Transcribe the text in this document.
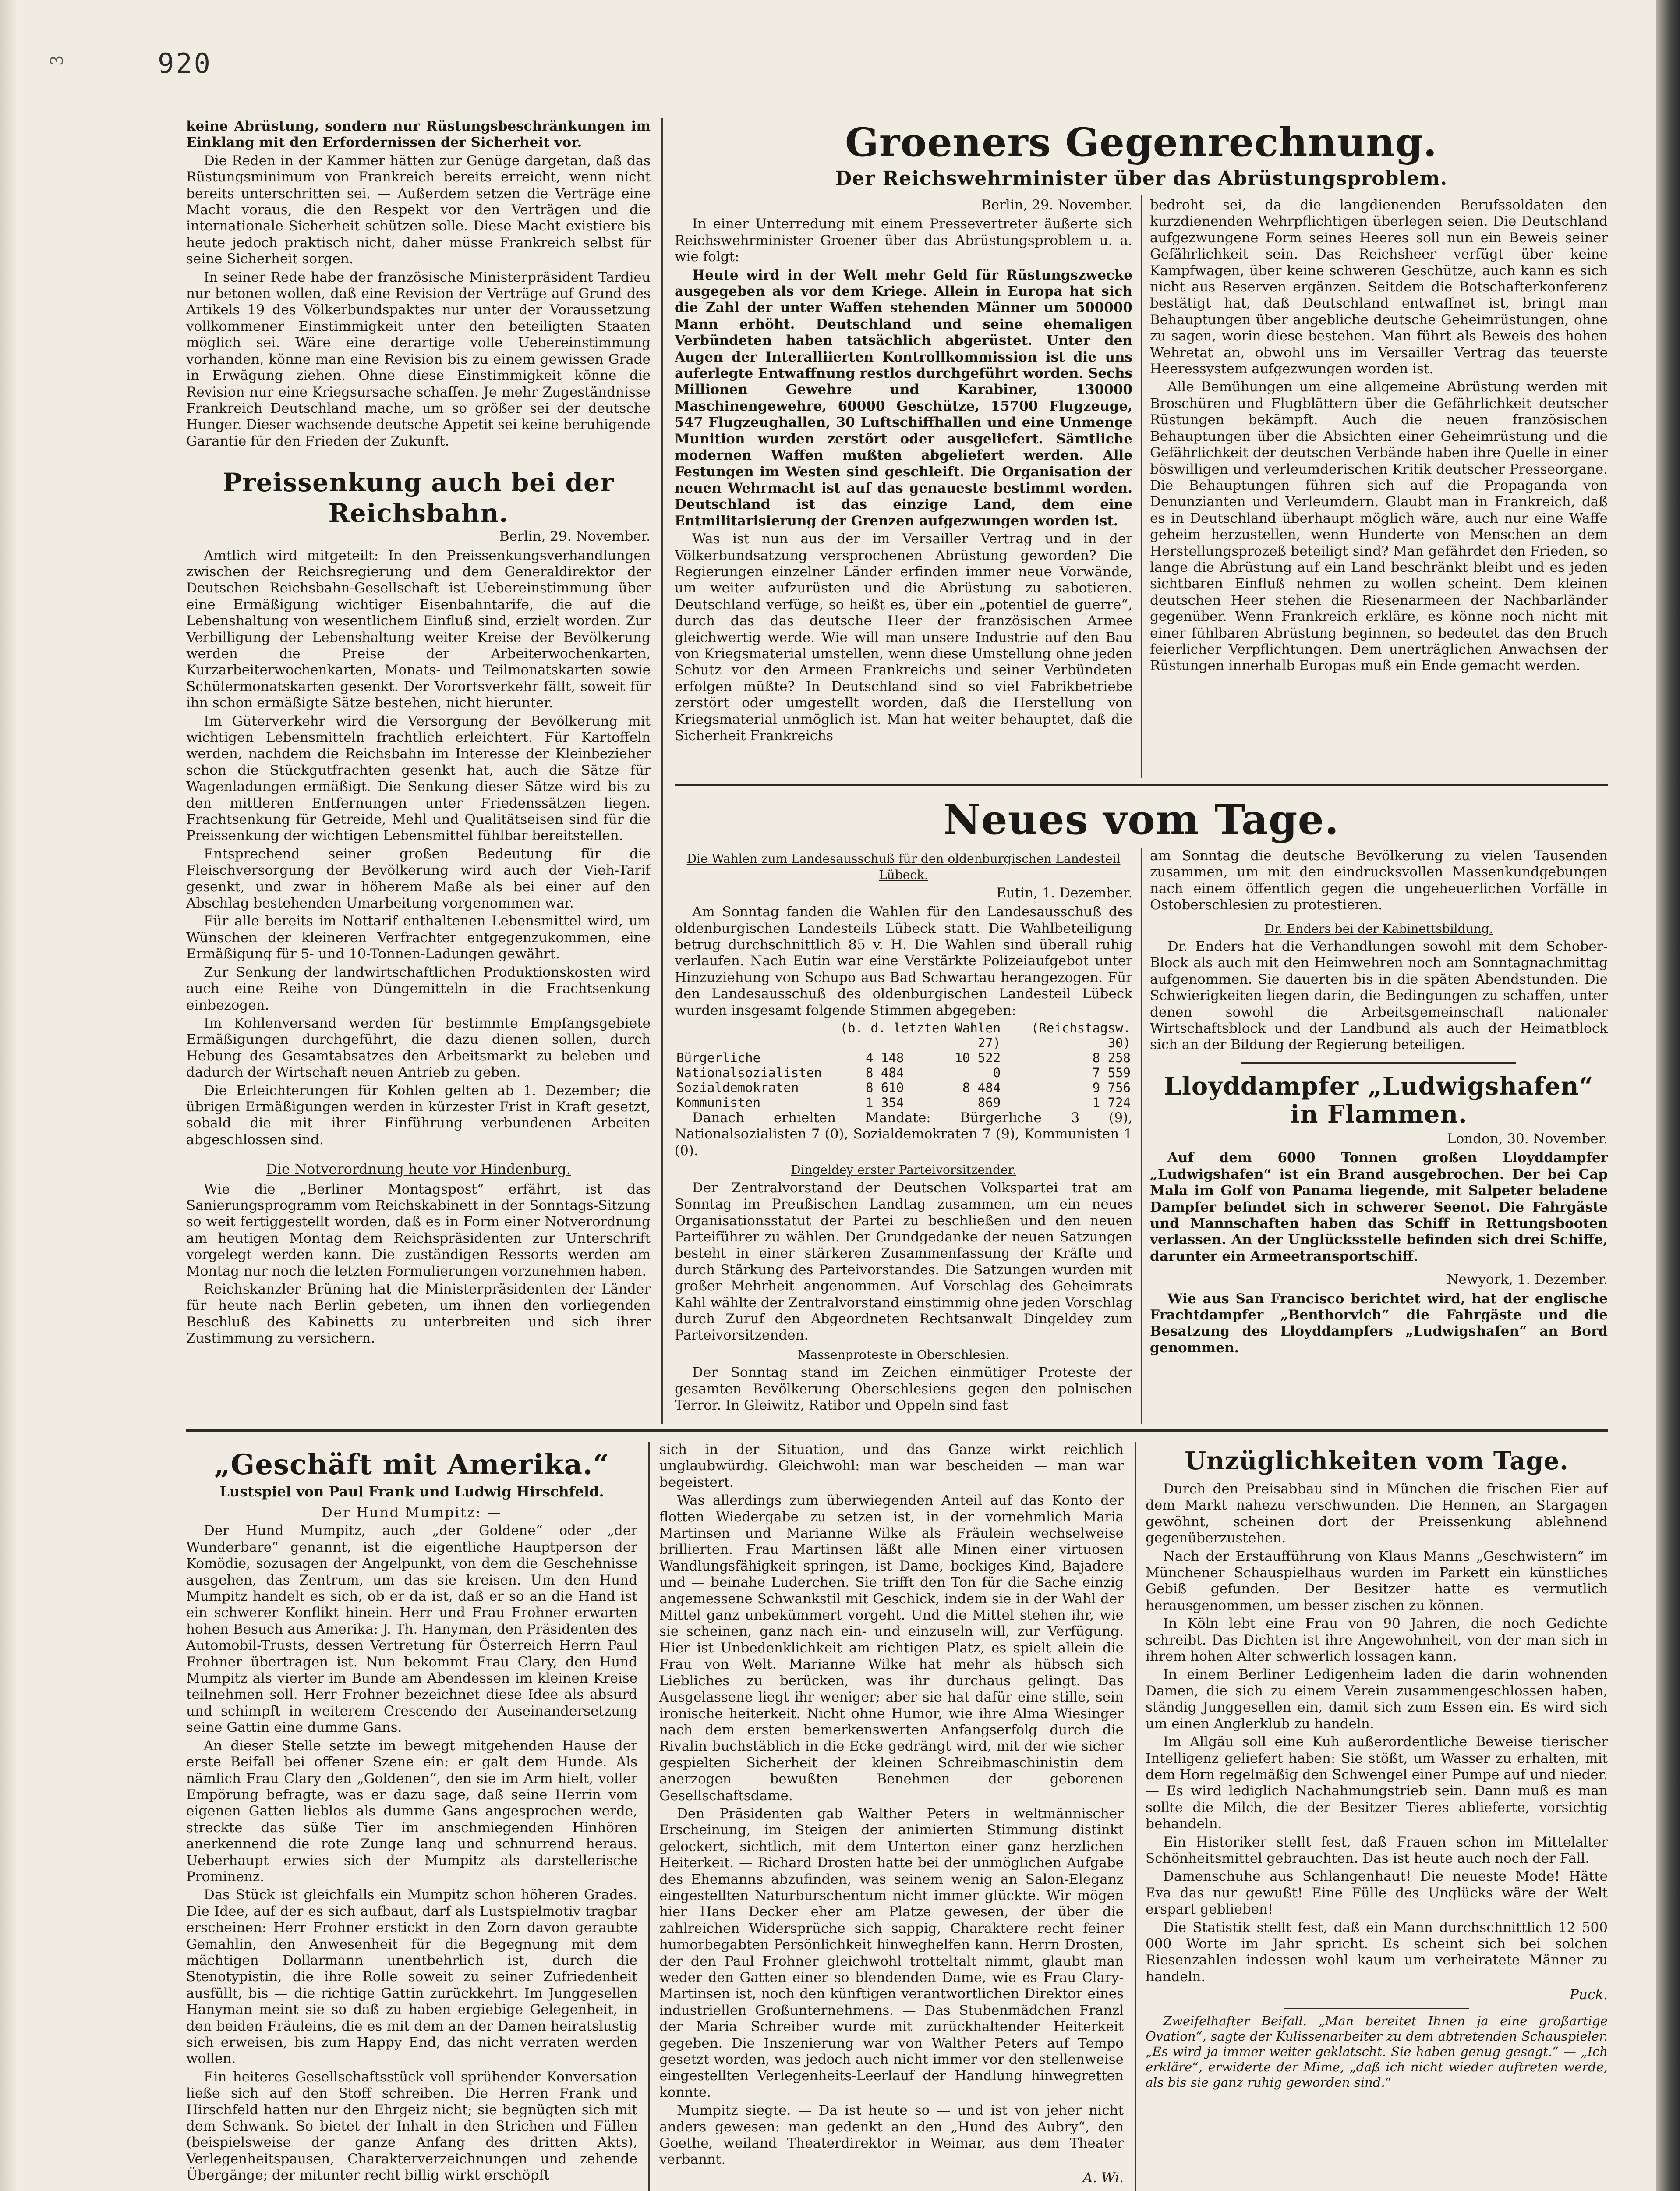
920
3

keine Abrüstung, sondern nur Rüstungsbeschränkungen im Einklang mit den Erfordernissen der Sicherheit vor.

Die Reden in der Kammer hätten zur Genüge dargetan, daß das Rüstungsminimum von Frankreich bereits erreicht, wenn nicht bereits unterschritten sei. — Außerdem setzen die Verträge eine Macht voraus, die den Respekt vor den Verträgen und die internationale Sicherheit schützen solle. Diese Macht existiere bis heute jedoch praktisch nicht, daher müsse Frankreich selbst für seine Sicherheit sorgen.

In seiner Rede habe der französische Ministerpräsident Tardieu nur betonen wollen, daß eine Revision der Verträge auf Grund des Artikels 19 des Völkerbundspaktes nur unter der Voraussetzung vollkommener Einstimmigkeit unter den beteiligten Staaten möglich sei. Wäre eine derartige volle Uebereinstimmung vorhanden, könne man eine Revision bis zu einem gewissen Grade in Erwägung ziehen. Ohne diese Einstimmigkeit könne die Revision nur eine Kriegsursache schaffen. Je mehr Zugeständnisse Frankreich Deutschland mache, um so größer sei der deutsche Hunger. Dieser wachsende deutsche Appetit sei keine beruhigende Garantie für den Frieden der Zukunft.

Preissenkung auch bei der Reichsbahn.
Berlin, 29. November.

Amtlich wird mitgeteilt: In den Preissenkungsverhandlungen zwischen der Reichsregierung und dem Generaldirektor der Deutschen Reichsbahn-Gesellschaft ist Uebereinstimmung über eine Ermäßigung wichtiger Eisenbahntarife, die auf die Lebenshaltung von wesentlichem Einfluß sind, erzielt worden. Zur Verbilligung der Lebenshaltung weiter Kreise der Bevölkerung werden die Preise der Arbeiterwochenkarten, Kurzarbeiterwochenkarten, Monats- und Teilmonatskarten sowie Schülermonatskarten gesenkt. Der Vorortsverkehr fällt, soweit für ihn schon ermäßigte Sätze bestehen, nicht hierunter.

Im Güterverkehr wird die Versorgung der Bevölkerung mit wichtigen Lebensmitteln frachtlich erleichtert. Für Kartoffeln werden, nachdem die Reichsbahn im Interesse der Kleinbezieher schon die Stückgutfrachten gesenkt hat, auch die Sätze für Wagenladungen ermäßigt. Die Senkung dieser Sätze wird bis zu den mittleren Entfernungen unter Friedenssätzen liegen. Frachtsenkung für Getreide, Mehl und Qualitätseisen sind für die Preissenkung der wichtigen Lebensmittel fühlbar bereitstellen.

Entsprechend seiner großen Bedeutung für die Fleischversorgung der Bevölkerung wird auch der Vieh-Tarif gesenkt, und zwar in höherem Maße als bei einer auf den Abschlag bestehenden Umarbeitung vorgenommen war.

Für alle bereits im Nottarif enthaltenen Lebensmittel wird, um Wünschen der kleineren Verfrachter entgegenzukommen, eine Ermäßigung für 5- und 10-Tonnen-Ladungen gewährt.

Zur Senkung der landwirtschaftlichen Produktionskosten wird auch eine Reihe von Düngemitteln in die Frachtsenkung einbezogen.

Im Kohlenversand werden für bestimmte Empfangsgebiete Ermäßigungen durchgeführt, die dazu dienen sollen, durch Hebung des Gesamtabsatzes den Arbeitsmarkt zu beleben und dadurch der Wirtschaft neuen Antrieb zu geben.

Die Erleichterungen für Kohlen gelten ab 1. Dezember; die übrigen Ermäßigungen werden in kürzester Frist in Kraft gesetzt, sobald die mit ihrer Einführung verbundenen Arbeiten abgeschlossen sind.

Die Notverordnung heute vor Hindenburg.

Wie die „Berliner Montagspost“ erfährt, ist das Sanierungsprogramm vom Reichskabinett in der Sonntags-Sitzung so weit fertiggestellt worden, daß es in Form einer Notverordnung am heutigen Montag dem Reichspräsidenten zur Unterschrift vorgelegt werden kann. Die zuständigen Ressorts werden am Montag nur noch die letzten Formulierungen vorzunehmen haben.

Reichskanzler Brüning hat die Ministerpräsidenten der Länder für heute nach Berlin gebeten, um ihnen den vorliegenden Beschluß des Kabinetts zu unterbreiten und sich ihrer Zustimmung zu versichern.

Groeners Gegenrechnung.
Der Reichswehrminister über das Abrüstungsproblem.
Berlin, 29. November.

In einer Unterredung mit einem Pressevertreter äußerte sich Reichswehrminister Groener über das Abrüstungsproblem u. a. wie folgt:

Heute wird in der Welt mehr Geld für Rüstungszwecke ausgegeben als vor dem Kriege. Allein in Europa hat sich die Zahl der unter Waffen stehenden Männer um 500000 Mann erhöht. Deutschland und seine ehemaligen Verbündeten haben tatsächlich abgerüstet. Unter den Augen der Interalliierten Kontrollkommission ist die uns auferlegte Entwaffnung restlos durchgeführt worden. Sechs Millionen Gewehre und Karabiner, 130000 Maschinengewehre, 60000 Geschütze, 15700 Flugzeuge, 547 Flugzeughallen, 30 Luftschiffhallen und eine Unmenge Munition wurden zerstört oder ausgeliefert. Sämtliche modernen Waffen mußten abgeliefert werden. Alle Festungen im Westen sind geschleift. Die Organisation der neuen Wehrmacht ist auf das genaueste bestimmt worden. Deutschland ist das einzige Land, dem eine Entmilitarisierung der Grenzen aufgezwungen worden ist.

Was ist nun aus der im Versailler Vertrag und in der Völkerbundsatzung versprochenen Abrüstung geworden? Die Regierungen einzelner Länder erfinden immer neue Vorwände, um weiter aufzurüsten und die Abrüstung zu sabotieren. Deutschland verfüge, so heißt es, über ein „potentiel de guerre“, durch das das deutsche Heer der französischen Armee gleichwertig werde. Wie will man unsere Industrie auf den Bau von Kriegsmaterial umstellen, wenn diese Umstellung ohne jeden Schutz vor den Armeen Frankreichs und seiner Verbündeten erfolgen müßte? In Deutschland sind so viel Fabrikbetriebe zerstört oder umgestellt worden, daß die Herstellung von Kriegsmaterial unmöglich ist. Man hat weiter behauptet, daß die Sicherheit Frankreichs

bedroht sei, da die langdienenden Berufssoldaten den kurzdienenden Wehrpflichtigen überlegen seien. Die Deutschland aufgezwungene Form seines Heeres soll nun ein Beweis seiner Gefährlichkeit sein. Das Reichsheer verfügt über keine Kampfwagen, über keine schweren Geschütze, auch kann es sich nicht aus Reserven ergänzen. Seitdem die Botschafterkonferenz bestätigt hat, daß Deutschland entwaffnet ist, bringt man Behauptungen über angebliche deutsche Geheimrüstungen, ohne zu sagen, worin diese bestehen. Man führt als Beweis des hohen Wehretat an, obwohl uns im Versailler Vertrag das teuerste Heeressystem aufgezwungen worden ist.

Alle Bemühungen um eine allgemeine Abrüstung werden mit Broschüren und Flugblättern über die Gefährlichkeit deutscher Rüstungen bekämpft. Auch die neuen französischen Behauptungen über die Absichten einer Geheimrüstung und die Gefährlichkeit der deutschen Verbände haben ihre Quelle in einer böswilligen und verleumderischen Kritik deutscher Presseorgane. Die Behauptungen führen sich auf die Propaganda von Denunzianten und Verleumdern. Glaubt man in Frankreich, daß es in Deutschland überhaupt möglich wäre, auch nur eine Waffe geheim herzustellen, wenn Hunderte von Menschen an dem Herstellungsprozeß beteiligt sind? Man gefährdet den Frieden, so lange die Abrüstung auf ein Land beschränkt bleibt und es jeden sichtbaren Einfluß nehmen zu wollen scheint. Dem kleinen deutschen Heer stehen die Riesenarmeen der Nachbarländer gegenüber. Wenn Frankreich erkläre, es könne noch nicht mit einer fühlbaren Abrüstung beginnen, so bedeutet das den Bruch feierlicher Verpflichtungen. Dem unerträglichen Anwachsen der Rüstungen innerhalb Europas muß ein Ende gemacht werden.

Neues vom Tage.
Die Wahlen zum Landesausschuß für den oldenburgischen Landesteil Lübeck.
Eutin, 1. Dezember.

Am Sonntag fanden die Wahlen für den Landesausschuß des oldenburgischen Landesteils Lübeck statt. Die Wahlbeteiligung betrug durchschnittlich 85 v. H. Die Wahlen sind überall ruhig verlaufen. Nach Eutin war eine Verstärkte Polizeiaufgebot unter Hinzuziehung von Schupo aus Bad Schwartau herangezogen. Für den Landesausschuß des oldenburgischen Landesteil Lübeck wurden insgesamt folgende Stimmen abgegeben:

	(b. d. letzten Wahlen 27)		(Reichstagsw. 30)
Bürgerliche	4 148	10 522	8 258
Nationalsozialisten	8 484	0	7 559
Sozialdemokraten	8 610	8 484	9 756
Kommunisten	1 354	869	1 724

Danach erhielten Mandate: Bürgerliche 3 (9), Nationalsozialisten 7 (0), Sozialdemokraten 7 (9), Kommunisten 1 (0).

Dingeldey erster Parteivorsitzender.

Der Zentralvorstand der Deutschen Volkspartei trat am Sonntag im Preußischen Landtag zusammen, um ein neues Organisationsstatut der Partei zu beschließen und den neuen Parteiführer zu wählen. Der Grundgedanke der neuen Satzungen besteht in einer stärkeren Zusammenfassung der Kräfte und durch Stärkung des Parteivorstandes. Die Satzungen wurden mit großer Mehrheit angenommen. Auf Vorschlag des Geheimrats Kahl wählte der Zentralvorstand einstimmig ohne jeden Vorschlag durch Zuruf den Abgeordneten Rechtsanwalt Dingeldey zum Parteivorsitzenden.

Massenproteste in Oberschlesien.

Der Sonntag stand im Zeichen einmütiger Proteste der gesamten Bevölkerung Oberschlesiens gegen den polnischen Terror. In Gleiwitz, Ratibor und Oppeln sind fast

am Sonntag die deutsche Bevölkerung zu vielen Tausenden zusammen, um mit den eindrucksvollen Massenkundgebungen nach einem öffentlich gegen die ungeheuerlichen Vorfälle in Ostoberschlesien zu protestieren.

Dr. Enders bei der Kabinettsbildung.

Dr. Enders hat die Verhandlungen sowohl mit dem Schober-Block als auch mit den Heimwehren noch am Sonntagnachmittag aufgenommen. Sie dauerten bis in die späten Abendstunden. Die Schwierigkeiten liegen darin, die Bedingungen zu schaffen, unter denen sowohl die Arbeitsgemeinschaft nationaler Wirtschaftsblock und der Landbund als auch der Heimatblock sich an der Bildung der Regierung beteiligen.

Lloyddampfer „Ludwigshafen“ in Flammen.
London, 30. November.

Auf dem 6000 Tonnen großen Lloyddampfer „Ludwigshafen“ ist ein Brand ausgebrochen. Der bei Cap Mala im Golf von Panama liegende, mit Salpeter beladene Dampfer befindet sich in schwerer Seenot. Die Fahrgäste und Mannschaften haben das Schiff in Rettungsbooten verlassen. An der Unglücksstelle befinden sich drei Schiffe, darunter ein Armeetransportschiff.

Newyork, 1. Dezember.

Wie aus San Francisco berichtet wird, hat der englische Frachtdampfer „Benthorvich“ die Fahrgäste und die Besatzung des Lloyddampfers „Ludwigshafen“ an Bord genommen.

„Geschäft mit Amerika.“
Lustspiel von Paul Frank und Ludwig Hirschfeld.
Der Hund Mumpitz: —

Der Hund Mumpitz, auch „der Goldene“ oder „der Wunderbare“ genannt, ist die eigentliche Hauptperson der Komödie, sozusagen der Angelpunkt, von dem die Geschehnisse ausgehen, das Zentrum, um das sie kreisen. Um den Hund Mumpitz handelt es sich, ob er da ist, daß er so an die Hand ist ein schwerer Konflikt hinein. Herr und Frau Frohner erwarten hohen Besuch aus Amerika: J. Th. Hanyman, den Präsidenten des Automobil-Trusts, dessen Vertretung für Österreich Herrn Paul Frohner übertragen ist. Nun bekommt Frau Clary, den Hund Mumpitz als vierter im Bunde am Abendessen im kleinen Kreise teilnehmen soll. Herr Frohner bezeichnet diese Idee als absurd und schimpft in weiterem Crescendo der Auseinandersetzung seine Gattin eine dumme Gans.

An dieser Stelle setzte im bewegt mitgehenden Hause der erste Beifall bei offener Szene ein: er galt dem Hunde. Als nämlich Frau Clary den „Goldenen“, den sie im Arm hielt, voller Empörung befragte, was er dazu sage, daß seine Herrin vom eigenen Gatten lieblos als dumme Gans angesprochen werde, streckte das süße Tier im anschmiegenden Hinhören anerkennend die rote Zunge lang und schnurrend heraus. Ueberhaupt erwies sich der Mumpitz als darstellerische Prominenz.

Das Stück ist gleichfalls ein Mumpitz schon höheren Grades. Die Idee, auf der es sich aufbaut, darf als Lustspielmotiv tragbar erscheinen: Herr Frohner erstickt in den Zorn davon geraubte Gemahlin, den Anwesenheit für die Begegnung mit dem mächtigen Dollarmann unentbehrlich ist, durch die Stenotypistin, die ihre Rolle soweit zu seiner Zufriedenheit ausfüllt, bis — die richtige Gattin zurückkehrt. Im Junggesellen Hanyman meint sie so daß zu haben ergiebige Gelegenheit, in den beiden Fräuleins, die es mit dem an der Damen heiratslustig sich erweisen, bis zum Happy End, das nicht verraten werden wollen.

Ein heiteres Gesellschaftsstück voll sprühender Konversation ließe sich auf den Stoff schreiben. Die Herren Frank und Hirschfeld hatten nur den Ehrgeiz nicht; sie begnügten sich mit dem Schwank. So bietet der Inhalt in den Strichen und Füllen (beispielsweise der ganze Anfang des dritten Akts), Verlegenheitspausen, Charakterverzeichnungen und zehende Übergänge; der mitunter recht billig wirkt erschöpft

sich in der Situation, und das Ganze wirkt reichlich unglaubwürdig. Gleichwohl: man war bescheiden — man war begeistert.

Was allerdings zum überwiegenden Anteil auf das Konto der flotten Wiedergabe zu setzen ist, in der vornehmlich Maria Martinsen und Marianne Wilke als Fräulein wechselweise brillierten. Frau Martinsen läßt alle Minen einer virtuosen Wandlungsfähigkeit springen, ist Dame, bockiges Kind, Bajadere und — beinahe Luderchen. Sie trifft den Ton für die Sache einzig angemessene Schwankstil mit Geschick, indem sie in der Wahl der Mittel ganz unbekümmert vorgeht. Und die Mittel stehen ihr, wie sie scheinen, ganz nach ein- und einzuseln will, zur Verfügung. Hier ist Unbedenklichkeit am richtigen Platz, es spielt allein die Frau von Welt. Marianne Wilke hat mehr als hübsch sich Liebliches zu berücken, was ihr durchaus gelingt. Das Ausgelassene liegt ihr weniger; aber sie hat dafür eine stille, sein ironische heiterkeit. Nicht ohne Humor, wie ihre Alma Wiesinger nach dem ersten bemerkenswerten Anfangserfolg durch die Rivalin buchstäblich in die Ecke gedrängt wird, mit der wie sicher gespielten Sicherheit der kleinen Schreibmaschinistin dem anerzogen bewußten Benehmen der geborenen Gesellschaftsdame.

Den Präsidenten gab Walther Peters in weltmännischer Erscheinung, im Steigen der animierten Stimmung distinkt gelockert, sichtlich, mit dem Unterton einer ganz herzlichen Heiterkeit. — Richard Drosten hatte bei der unmöglichen Aufgabe des Ehemanns abzufinden, was seinem wenig an Salon-Eleganz eingestellten Naturburschentum nicht immer glückte. Wir mögen hier Hans Decker eher am Platze gewesen, der über die zahlreichen Widersprüche sich sappig, Charaktere recht feiner humorbegabten Persönlichkeit hinweghelfen kann. Herrn Drosten, der den Paul Frohner gleichwohl trotteltalt nimmt, glaubt man weder den Gatten einer so blendenden Dame, wie es Frau Clary-Martinsen ist, noch den künftigen verantwortlichen Direktor eines industriellen Großunternehmens. — Das Stubenmädchen Franzl der Maria Schreiber wurde mit zurückhaltender Heiterkeit gegeben. Die Inszenierung war von Walther Peters auf Tempo gesetzt worden, was jedoch auch nicht immer vor den stellenweise eingestellten Verlegenheits-Leerlauf der Handlung hinwegretten konnte.

Mumpitz siegte. — Da ist heute so — und ist von jeher nicht anders gewesen: man gedenkt an den „Hund des Aubry“, den Goethe, weiland Theaterdirektor in Weimar, aus dem Theater verbannt.

A. Wi.
Unzüglichkeiten vom Tage.

Durch den Preisabbau sind in München die frischen Eier auf dem Markt nahezu verschwunden. Die Hennen, an Stargagen gewöhnt, scheinen dort der Preissenkung ablehnend gegenüberzustehen.

Nach der Erstaufführung von Klaus Manns „Geschwistern“ im Münchener Schauspielhaus wurden im Parkett ein künstliches Gebiß gefunden. Der Besitzer hatte es vermutlich herausgenommen, um besser zischen zu können.

In Köln lebt eine Frau von 90 Jahren, die noch Gedichte schreibt. Das Dichten ist ihre Angewohnheit, von der man sich in ihrem hohen Alter schwerlich lossagen kann.

In einem Berliner Ledigenheim laden die darin wohnenden Damen, die sich zu einem Verein zusammengeschlossen haben, ständig Junggesellen ein, damit sich zum Essen ein. Es wird sich um einen Anglerklub zu handeln.

Im Allgäu soll eine Kuh außerordentliche Beweise tierischer Intelligenz geliefert haben: Sie stößt, um Wasser zu erhalten, mit dem Horn regelmäßig den Schwengel einer Pumpe auf und nieder. — Es wird lediglich Nachahmungstrieb sein. Dann muß es man sollte die Milch, die der Besitzer Tieres ablieferte, vorsichtig behandeln.

Ein Historiker stellt fest, daß Frauen schon im Mittelalter Schönheitsmittel gebrauchten. Das ist heute auch noch der Fall.

Damenschuhe aus Schlangenhaut! Die neueste Mode! Hätte Eva das nur gewußt! Eine Fülle des Unglücks wäre der Welt erspart geblieben!

Die Statistik stellt fest, daß ein Mann durchschnittlich 12 500 000 Worte im Jahr spricht. Es scheint sich bei solchen Riesenzahlen indessen wohl kaum um verheiratete Männer zu handeln.

Puck.

Zweifelhafter Beifall. „Man bereitet Ihnen ja eine großartige Ovation“, sagte der Kulissenarbeiter zu dem abtretenden Schauspieler. „Es wird ja immer weiter geklatscht. Sie haben genug gesagt.“ — „Ich erkläre“, erwiderte der Mime, „daß ich nicht wieder auftreten werde, als bis sie ganz ruhig geworden sind.“
